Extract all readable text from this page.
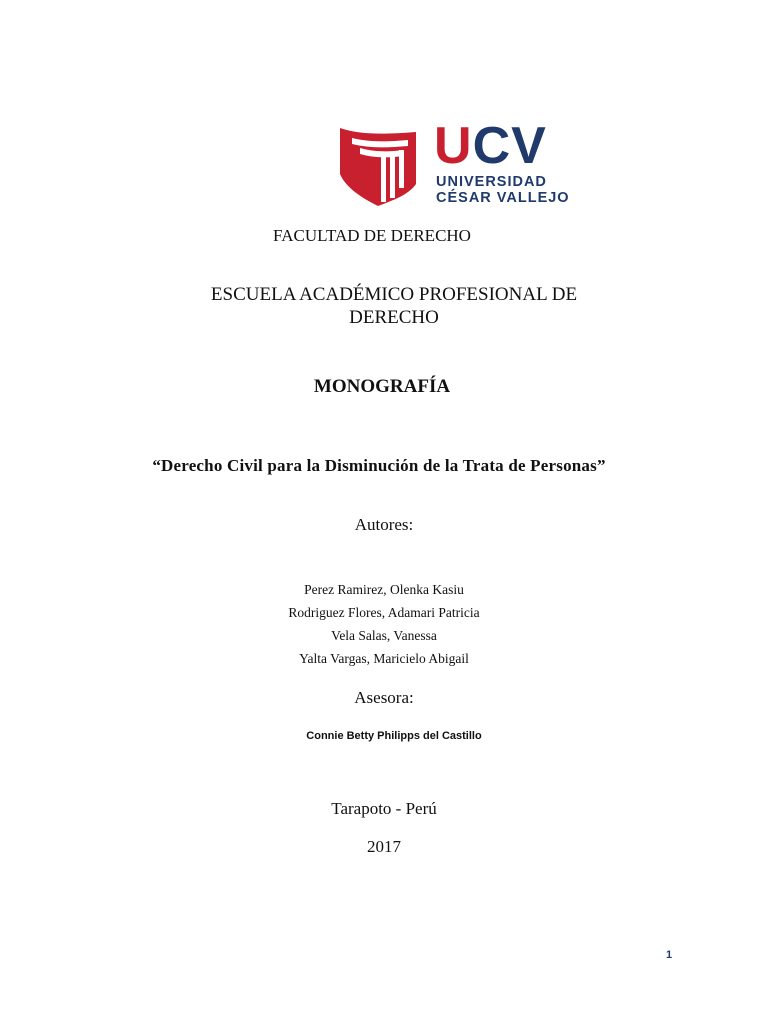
UCV
UNIVERSIDAD
CÉSAR VALLEJO
FACULTAD DE DERECHO
ESCUELA ACADÉMICO PROFESIONAL DE
DERECHO
MONOGRAFÍA
“Derecho Civil para la Disminución de la Trata de Personas”
Autores:
Perez Ramirez, Olenka Kasiu
Rodriguez Flores, Adamari Patricia
Vela Salas, Vanessa
Yalta Vargas, Maricielo Abigail
Asesora:
Connie Betty Philipps del Castillo
Tarapoto - Perú
2017
1
